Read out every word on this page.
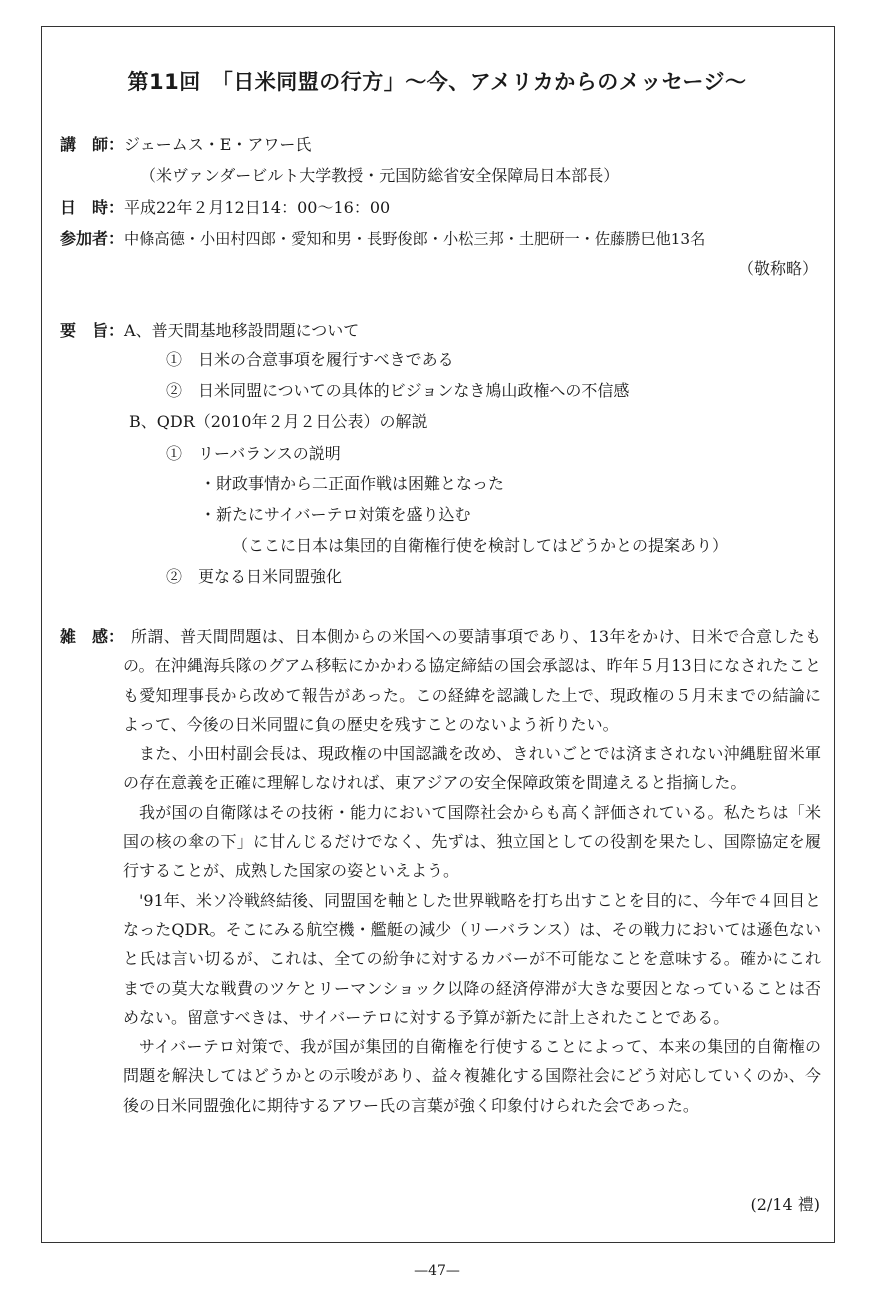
第11回　「日米同盟の行方」〜今、アメリカからのメッセージ〜
講　師：ジェームス・E・アワー氏
（米ヴァンダービルト大学教授・元国防総省安全保障局日本部長）
日　時：平成22年２月12日14：00〜16：00
参加者：中條高德・小田村四郎・愛知和男・長野俊郎・小松三邦・土肥研一・佐藤勝巳他13名
（敬称略）
要　旨：A、普天間基地移設問題について
①　日米の合意事項を履行すべきである
②　日米同盟についての具体的ビジョンなき鳩山政権への不信感
B、QDR（2010年２月２日公表）の解説
①　リーバランスの説明
・財政事情から二正面作戦は困難となった
・新たにサイバーテロ対策を盛り込む
（ここに日本は集団的自衛権行使を検討してはどうかとの提案あり）
②　更なる日米同盟強化
雑　感： 所謂、普天間問題は、日本側からの米国への要請事項であり、13年をかけ、日米で合意したもの。在沖縄海兵隊のグアム移転にかかわる協定締結の国会承認は、昨年５月13日になされたことも愛知理事長から改めて報告があった。この経緯を認識した上で、現政権の５月末までの結論によって、今後の日米同盟に負の歴史を残すことのないよう祈りたい。

また、小田村副会長は、現政権の中国認識を改め、きれいごとでは済まされない沖縄駐留米軍の存在意義を正確に理解しなければ、東アジアの安全保障政策を間違えると指摘した。

我が国の自衛隊はその技術・能力において国際社会からも高く評価されている。私たちは「米国の核の傘の下」に甘んじるだけでなく、先ずは、独立国としての役割を果たし、国際協定を履行することが、成熟した国家の姿といえよう。

'91年、米ソ冷戦終結後、同盟国を軸とした世界戦略を打ち出すことを目的に、今年で４回目となったQDR。そこにみる航空機・艦艇の減少（リーバランス）は、その戦力においては遜色ないと氏は言い切るが、これは、全ての紛争に対するカバーが不可能なことを意味する。確かにこれまでの莫大な戦費のツケとリーマンショック以降の経済停滞が大きな要因となっていることは否めない。留意すべきは、サイバーテロに対する予算が新たに計上されたことである。

サイバーテロ対策で、我が国が集団的自衛権を行使することによって、本来の集団的自衛権の問題を解決してはどうかとの示唆があり、益々複雑化する国際社会にどう対応していくのか、今後の日米同盟強化に期待するアワー氏の言葉が強く印象付けられた会であった。

(2/14 禮)
—47—
